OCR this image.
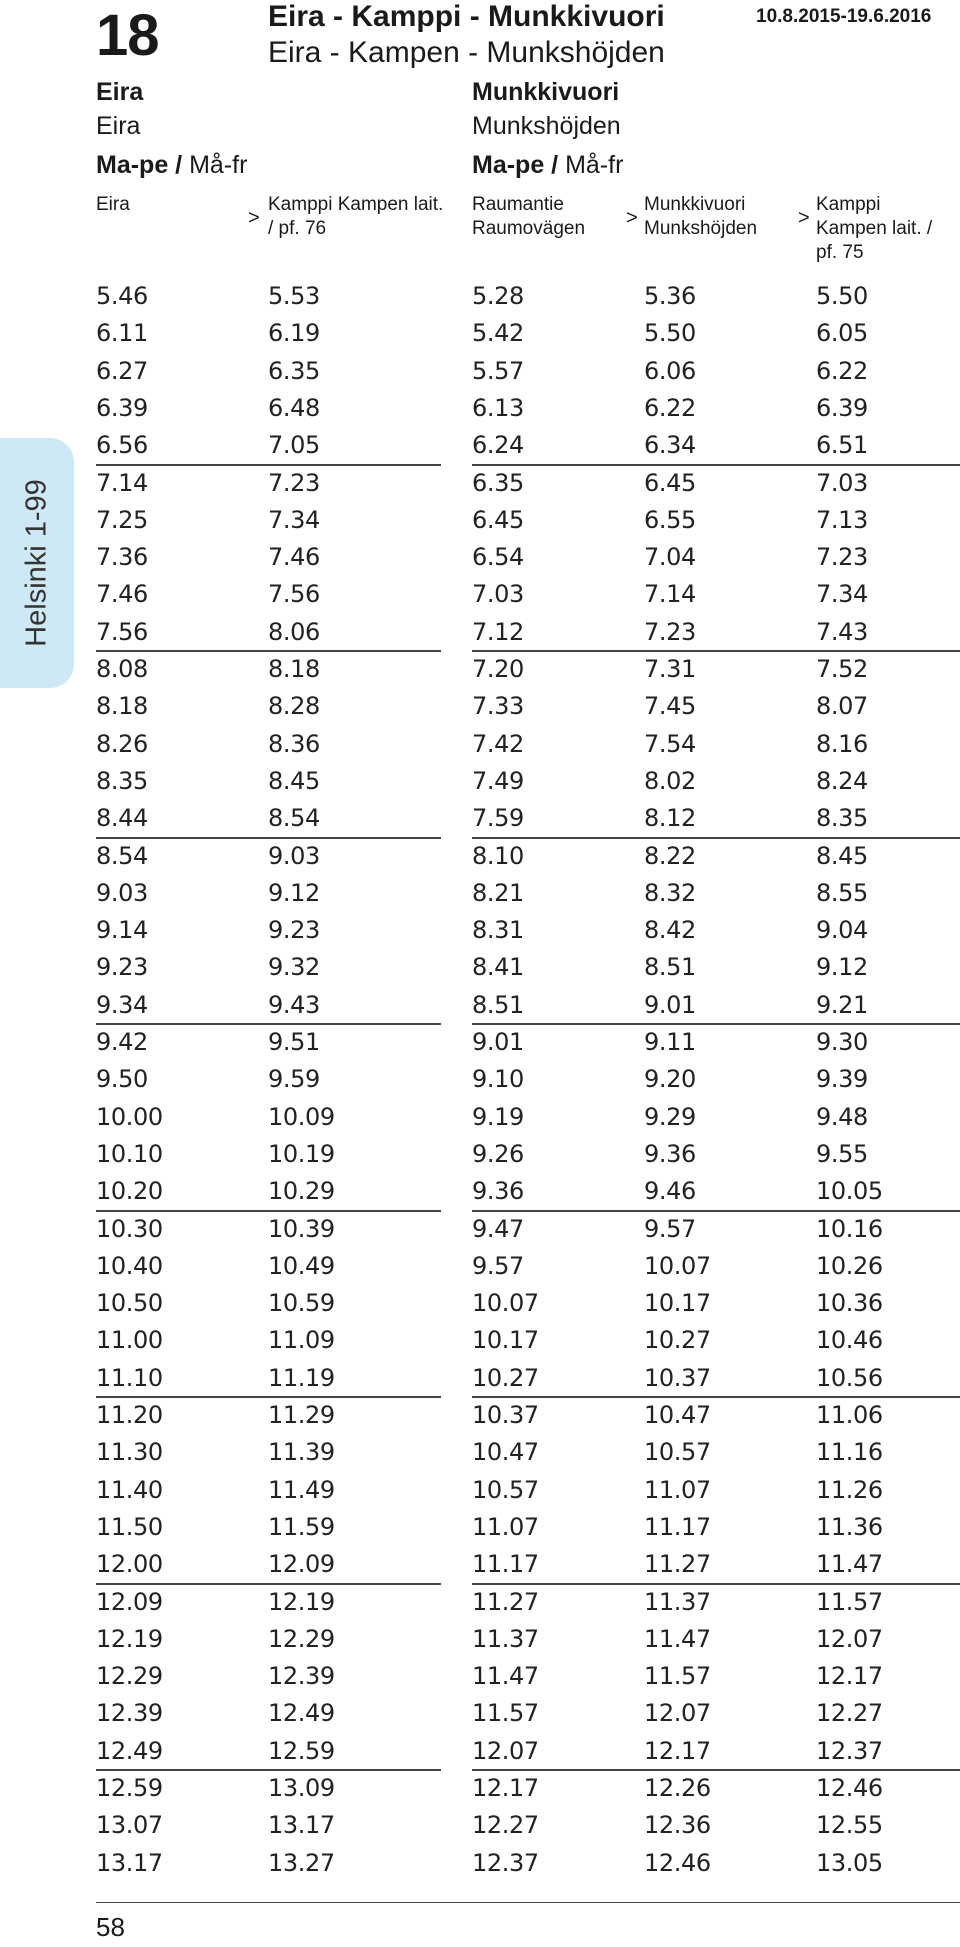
18	Eira - Kamppi - Munkkivuori
Eira - Kampen - Munkshöjden
10.8.2015-19.6.2016
Eira
Eira
Ma-pe / Må-fr
Eira
>
Kamppi Kampen lait. / pf. 76
Munkkivuori
Munkshöjden
Ma-pe / Må-fr
Raumantie Raumovägen	>
Munkkivuori Munkshöjden	>
Kamppi Kampen lait. / pf. 75
Helsinki 1-99
5.46	5.53	5.28	5.36	5.50
6.11	6.19	5.42	5.50	6.05
6.27	6.35	5.57	6.06	6.22
6.39	6.48	6.13	6.22	6.39
6.56	7.05	6.24	6.34	6.51
7.14	7.23	6.35	6.45	7.03
7.25	7.34	6.45	6.55	7.13
7.36	7.46	6.54	7.04	7.23
7.46	7.56	7.03	7.14	7.34
7.56	8.06	7.12	7.23	7.43
8.08	8.18	7.20	7.31	7.52
8.18	8.28	7.33	7.45	8.07
8.26	8.36	7.42	7.54	8.16
8.35	8.45	7.49	8.02	8.24
8.44	8.54	7.59	8.12	8.35
8.54	9.03	8.10	8.22	8.45
9.03	9.12	8.21	8.32	8.55
9.14	9.23	8.31	8.42	9.04
9.23	9.32	8.41	8.51	9.12
9.34	9.43	8.51	9.01	9.21
9.42	9.51	9.01	9.11	9.30
9.50	9.59	9.10	9.20	9.39
10.00	10.09	9.19	9.29	9.48
10.10	10.19	9.26	9.36	9.55
10.20	10.29	9.36	9.46	10.05
10.30	10.39	9.47	9.57	10.16
10.40	10.49	9.57	10.07	10.26
10.50	10.59	10.07	10.17	10.36
11.00	11.09	10.17	10.27	10.46
11.10	11.19	10.27	10.37	10.56
11.20	11.29	10.37	10.47	11.06
11.30	11.39	10.47	10.57	11.16
11.40	11.49	10.57	11.07	11.26
11.50	11.59	11.07	11.17	11.36
12.00	12.09	11.17	11.27	11.47
12.09	12.19	11.27	11.37	11.57
12.19	12.29	11.37	11.47	12.07
12.29	12.39	11.47	11.57	12.17
12.39	12.49	11.57	12.07	12.27
12.49	12.59	12.07	12.17	12.37
12.59	13.09	12.17	12.26	12.46
13.07	13.17	12.27	12.36	12.55
13.17	13.27	12.37	12.46	13.05
58
